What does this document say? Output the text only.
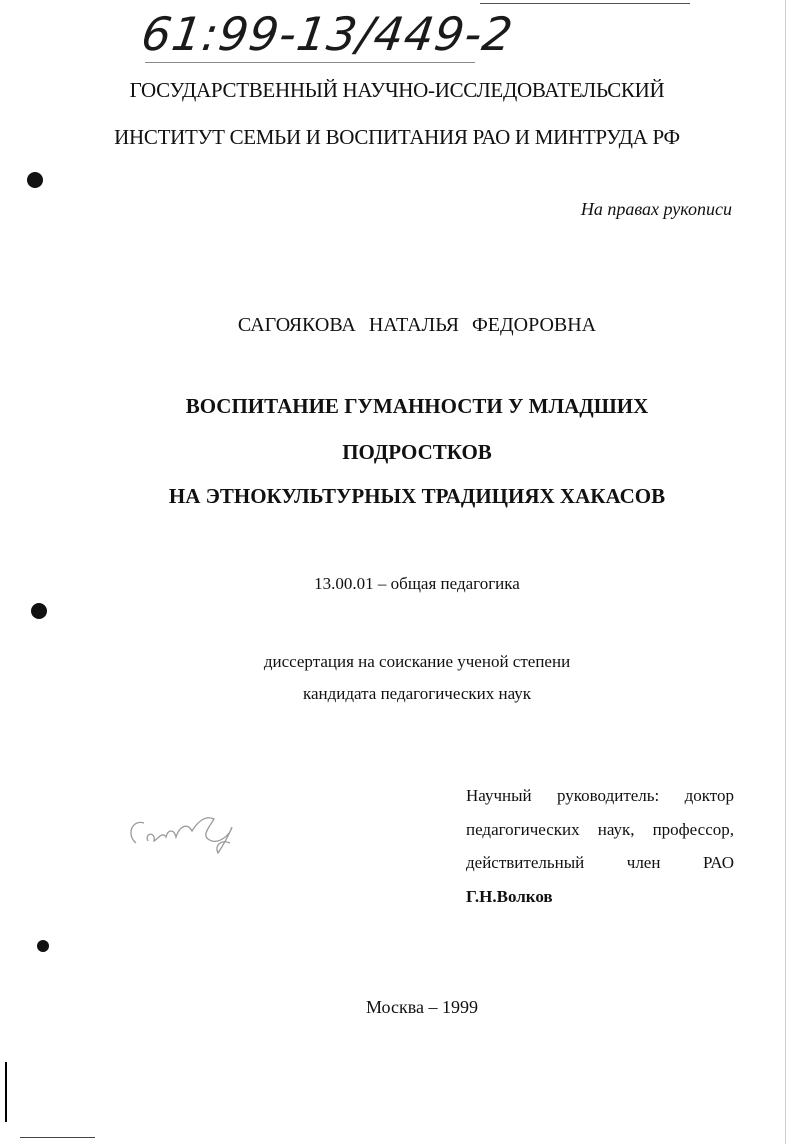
61:99-13/449-2
ГОСУДАРСТВЕННЫЙ НАУЧНО-ИССЛЕДОВАТЕЛЬСКИЙ
ИНСТИТУТ СЕМЬИ И ВОСПИТАНИЯ РАО И МИНТРУДА РФ
На правах рукописи
САГОЯКОВА НАТАЛЬЯ ФЕДОРОВНА
ВОСПИТАНИЕ ГУМАННОСТИ У МЛАДШИХ
ПОДРОСТКОВ
НА ЭТНОКУЛЬТУРНЫХ ТРАДИЦИЯХ ХАКАСОВ
13.00.01 – общая педагогика
диссертация на соискание ученой степени
кандидата педагогических наук
Научный руководитель: доктор
педагогических наук, профессор,
действительный член РАО
Г.Н.Волков
Москва – 1999
